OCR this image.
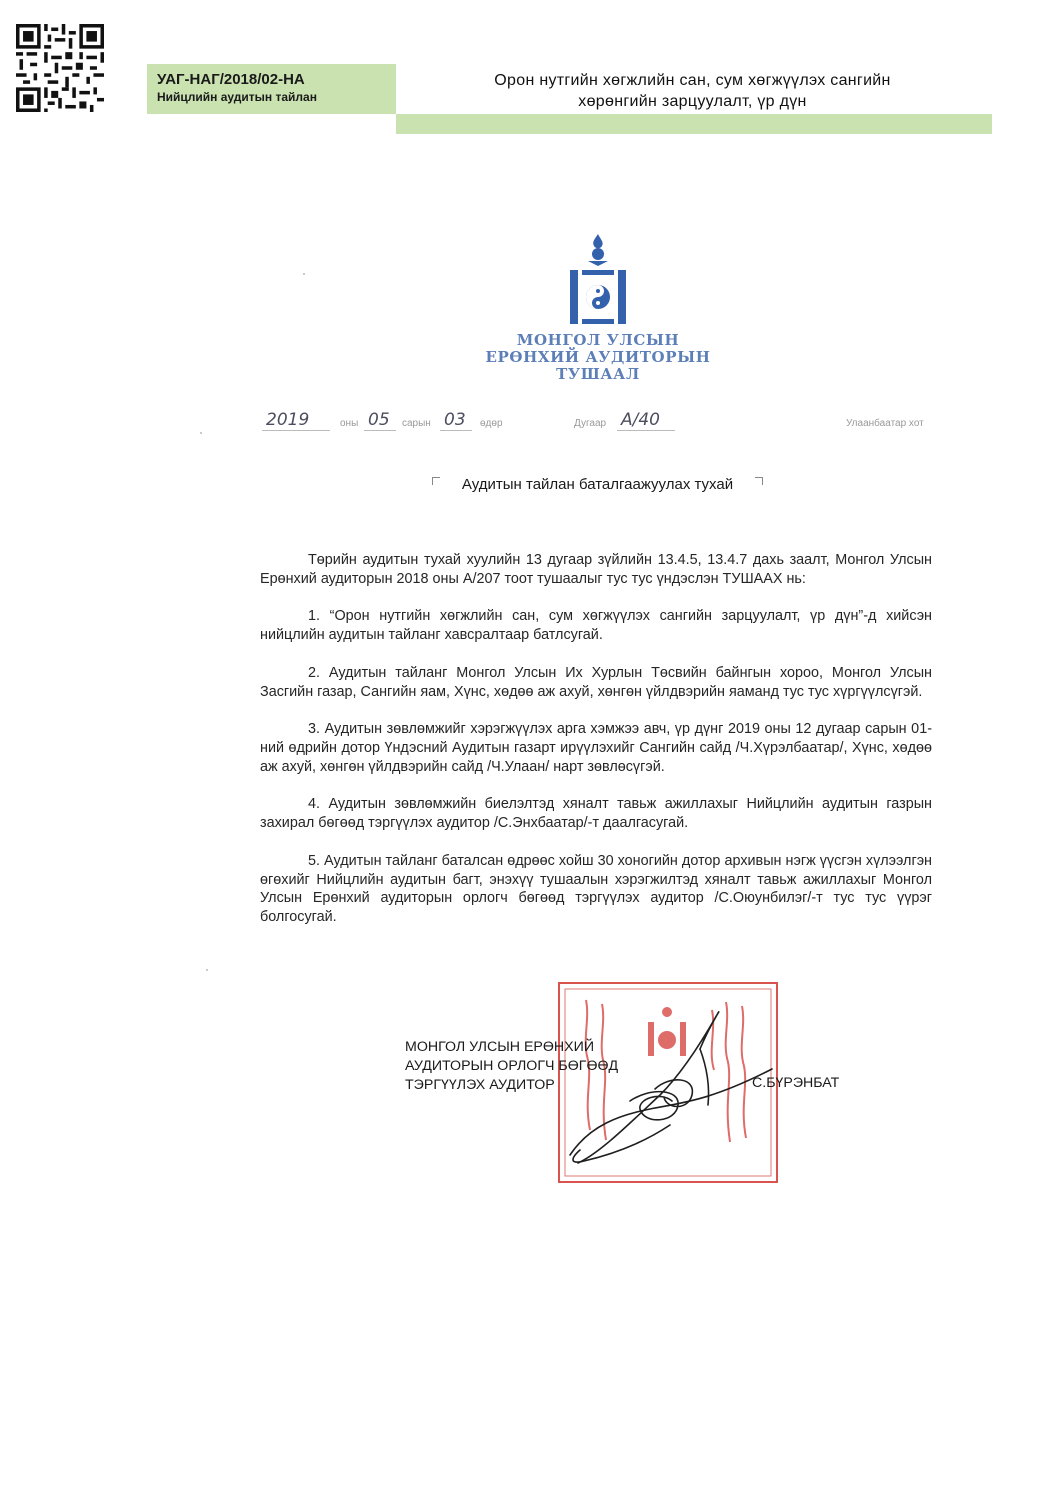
УАГ-НАГ/2018/02-НА
Нийцлийн аудитын тайлан
Орон нутгийн хөгжлийн сан, сум хөгжүүлэх сангийн
хөрөнгийн зарцуулалт, үр дүн
МОНГОЛ УЛСЫН
ЕРӨНХИЙ АУДИТОРЫН
ТУШААЛ
2019	оны 05	сарын 03	өдөр	Дугаар А/40	Улаанбаатар хот
Аудитын тайлан баталгаажуулах тухай

Төрийн аудитын тухай хуулийн 13 дугаар зүйлийн 13.4.5, 13.4.7 дахь заалт, Монгол Улсын Ерөнхий аудиторын 2018 оны А/207 тоот тушаалыг тус тус үндэслэн ТУШААХ нь:

1. “Орон нутгийн хөгжлийн сан, сум хөгжүүлэх сангийн зарцуулалт, үр дүн”-д хийсэн нийцлийн аудитын тайланг хавсралтаар батлсугай.

2. Аудитын тайланг Монгол Улсын Их Хурлын Төсвийн байнгын хороо, Монгол Улсын Засгийн газар, Сангийн яам, Хүнс, хөдөө аж ахуй, хөнгөн үйлдвэрийн яаманд тус тус хүргүүлсүгэй.

3. Аудитын зөвлөмжийг хэрэгжүүлэх арга хэмжээ авч, үр дүнг 2019 оны 12 дугаар сарын 01-ний өдрийн дотор Үндэсний Аудитын газарт ирүүлэхийг Сангийн сайд /Ч.Хүрэлбаатар/, Хүнс, хөдөө аж ахуй, хөнгөн үйлдвэрийн сайд /Ч.Улаан/ нарт зөвлөсүгэй.

4. Аудитын зөвлөмжийн биелэлтэд хяналт тавьж ажиллахыг Нийцлийн аудитын газрын захирал бөгөөд тэргүүлэх аудитор /С.Энхбаатар/-т даалгасугай.

5. Аудитын тайланг баталсан өдрөөс хойш 30 хоногийн дотор архивын нэгж үүсгэн хүлээлгэн өгөхийг Нийцлийн аудитын багт, энэхүү тушаалын хэрэгжилтэд хяналт тавьж ажиллахыг Монгол Улсын Ерөнхий аудиторын орлогч бөгөөд тэргүүлэх аудитор /С.Оюунбилэг/-т тус тус үүрэг болгосугай.

МОНГОЛ УЛСЫН ЕРӨНХИЙ
АУДИТОРЫН ОРЛОГЧ БӨГӨӨД
ТЭРГҮҮЛЭХ АУДИТОР	С.БҮРЭНБАТ
